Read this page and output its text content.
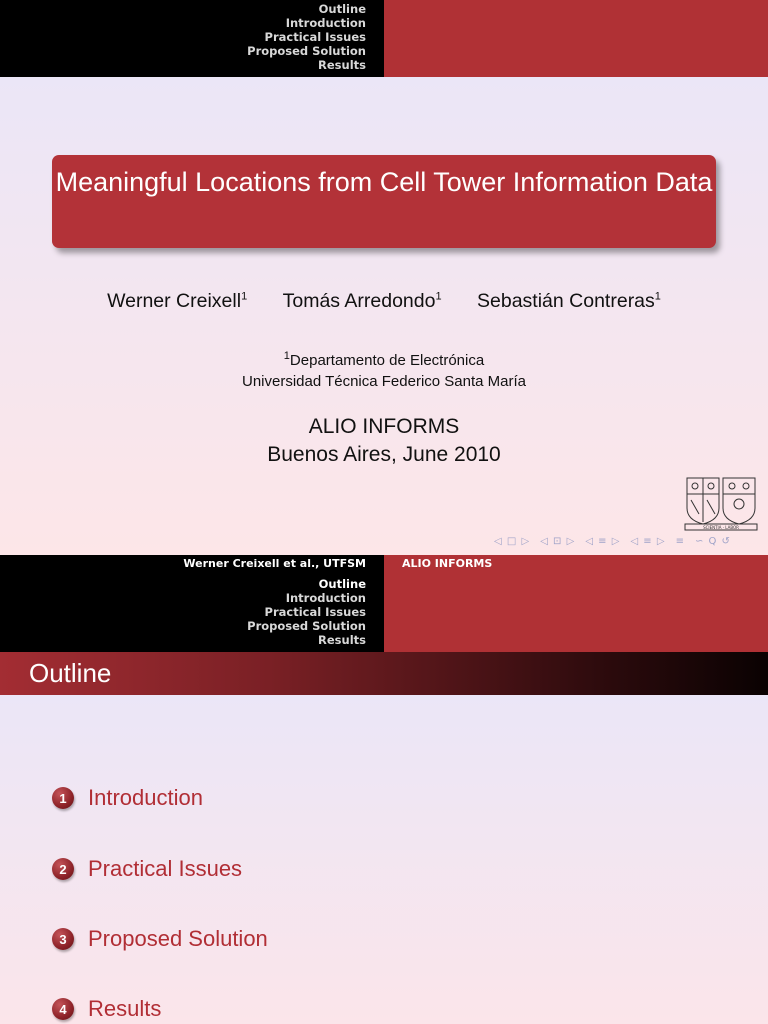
Outline
Introduction
Practical Issues
Proposed Solution
Results
Meaningful Locations from Cell Tower Information Data
Werner Creixell$^1$ Tomás Arredondo$^1$ Sebastián Contreras$^1$
$^1$Departamento de Electrónica
Universidad Técnica Federico Santa María
ALIO INFORMS
Buenos Aires, June 2010
SCIENTIA · LABOR
◁ □ ▷ ◁ ⊡ ▷ ◁ ≡ ▷ ◁ ≡ ▷ ≡ ∽ Q ↺
Werner Creixell et al., UTFSM	ALIO INFORMS
Outline
Introduction
Practical Issues
Proposed Solution
Results
Outline
1 Introduction
2 Practical Issues
3 Proposed Solution
4 Results
